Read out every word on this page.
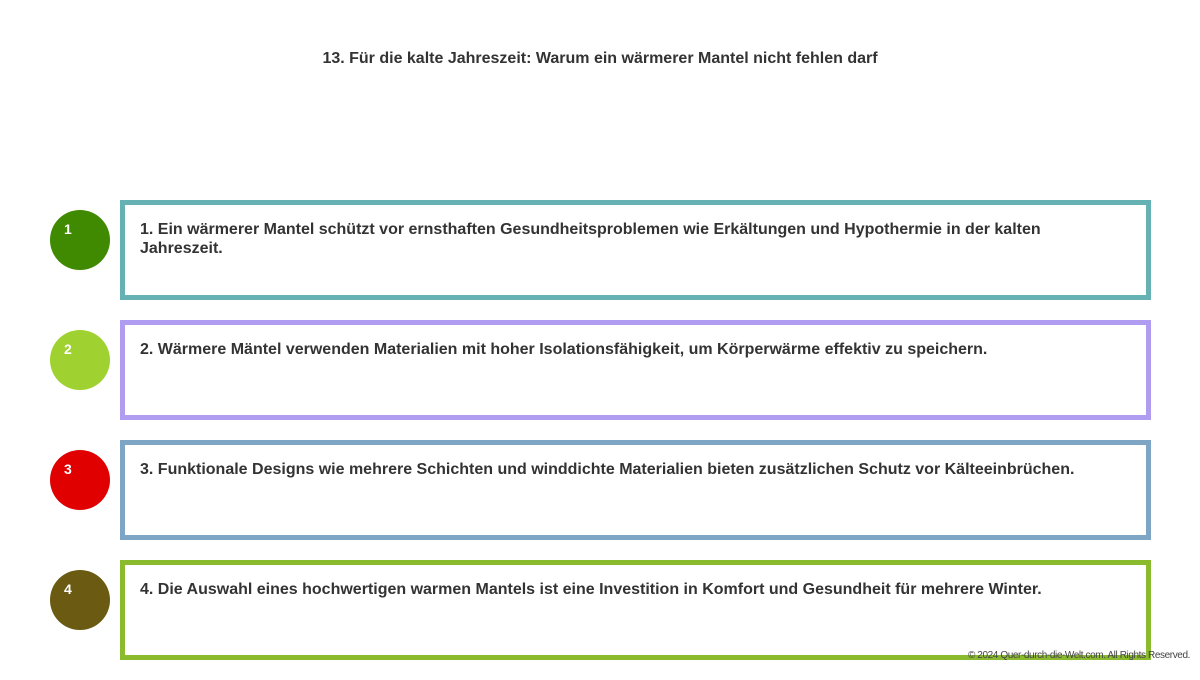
13. Für die kalte Jahreszeit: Warum ein wärmerer Mantel nicht fehlen darf
1	1. Ein wärmerer Mantel schützt vor ernsthaften Gesundheitsproblemen wie Erkältungen und Hypothermie in der kalten Jahreszeit.
2	2. Wärmere Mäntel verwenden Materialien mit hoher Isolationsfähigkeit, um Körperwärme effektiv zu speichern.
3	3. Funktionale Designs wie mehrere Schichten und winddichte Materialien bieten zusätzlichen Schutz vor Kälteeinbrüchen.
4	4. Die Auswahl eines hochwertigen warmen Mantels ist eine Investition in Komfort und Gesundheit für mehrere Winter.
© 2024 Quer-durch-die-Welt.com. All Rights Reserved.
